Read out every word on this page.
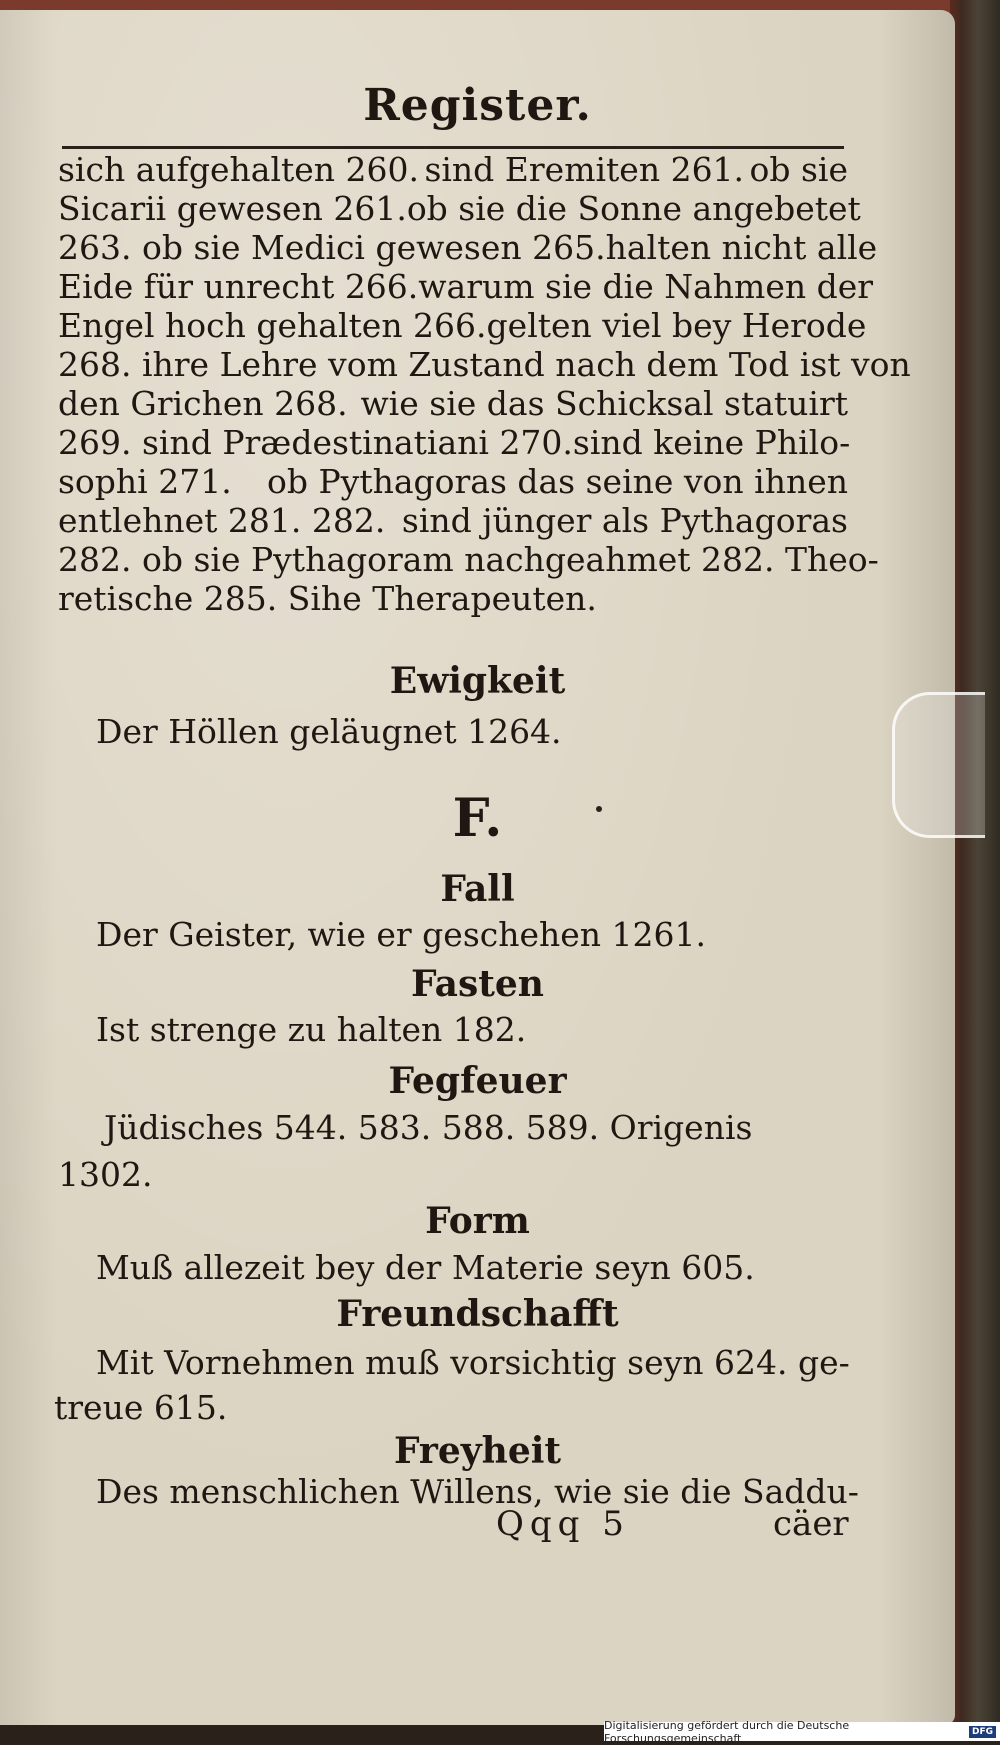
Register.
sich aufgehalten 260. sind Eremiten 261. ob sie
Sicarii gewesen 261. ob sie die Sonne angebetet
263. ob sie Medici gewesen 265. halten nicht alle
Eide für unrecht 266. warum sie die Nahmen der
Engel hoch gehalten 266. gelten viel bey Herode
268. ihre Lehre vom Zustand nach dem Tod ist von
den Grichen 268. wie sie das Schicksal statuirt
269. sind Prædestinatiani 270. sind keine Philo-
sophi 271. ob Pythagoras das seine von ihnen
entlehnet 281. 282. sind jünger als Pythagoras
282. ob sie Pythagoram nachgeahmet 282. Theo-
retische 285. Sihe Therapeuten.
Ewigkeit
Der Höllen geläugnet 1264.
F.
Fall
Der Geister, wie er geschehen 1261.
Fasten
Ist strenge zu halten 182.
Fegfeuer
Jüdisches 544. 583. 588. 589. Origenis
1302.
Form
Muß allezeit bey der Materie seyn 605.
Freundschafft
Mit Vornehmen muß vorsichtig seyn 624. ge-
treue 615.
Freyheit
Des menschlichen Willens, wie sie die Saddu-
Qqq 5	cäer
Digitalisierung gefördert durch die Deutsche Forschungsgemeinschaft	DFG
